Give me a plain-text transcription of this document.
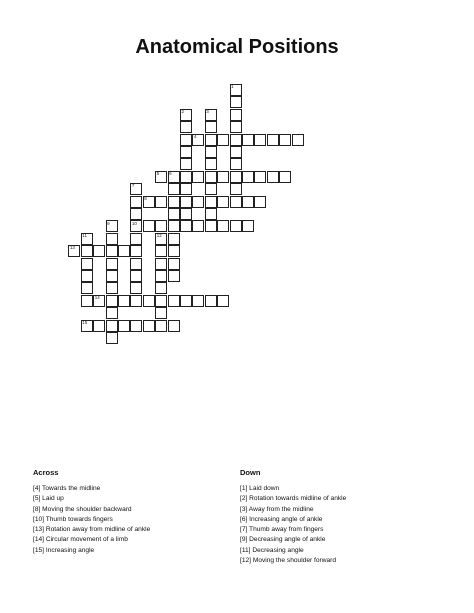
Anatomical Positions
1
2	3
4
5 6
7
8
9	10
11	12
13
14
15
Across
[4] Towards the midline
[5] Laid up
[8] Moving the shoulder backward
[10] Thumb towards fingers
[13] Rotation away from midline of ankle
[14] Circular movement of a limb
[15] Increasing angle
Down
[1] Laid down
[2] Rotation towards midline of ankle
[3] Away from the midline
[6] Increasing angle of ankle
[7] Thumb away from fingers
[9] Decreasing angle of ankle
[11] Decreasing angle
[12] Moving the shoulder forward
